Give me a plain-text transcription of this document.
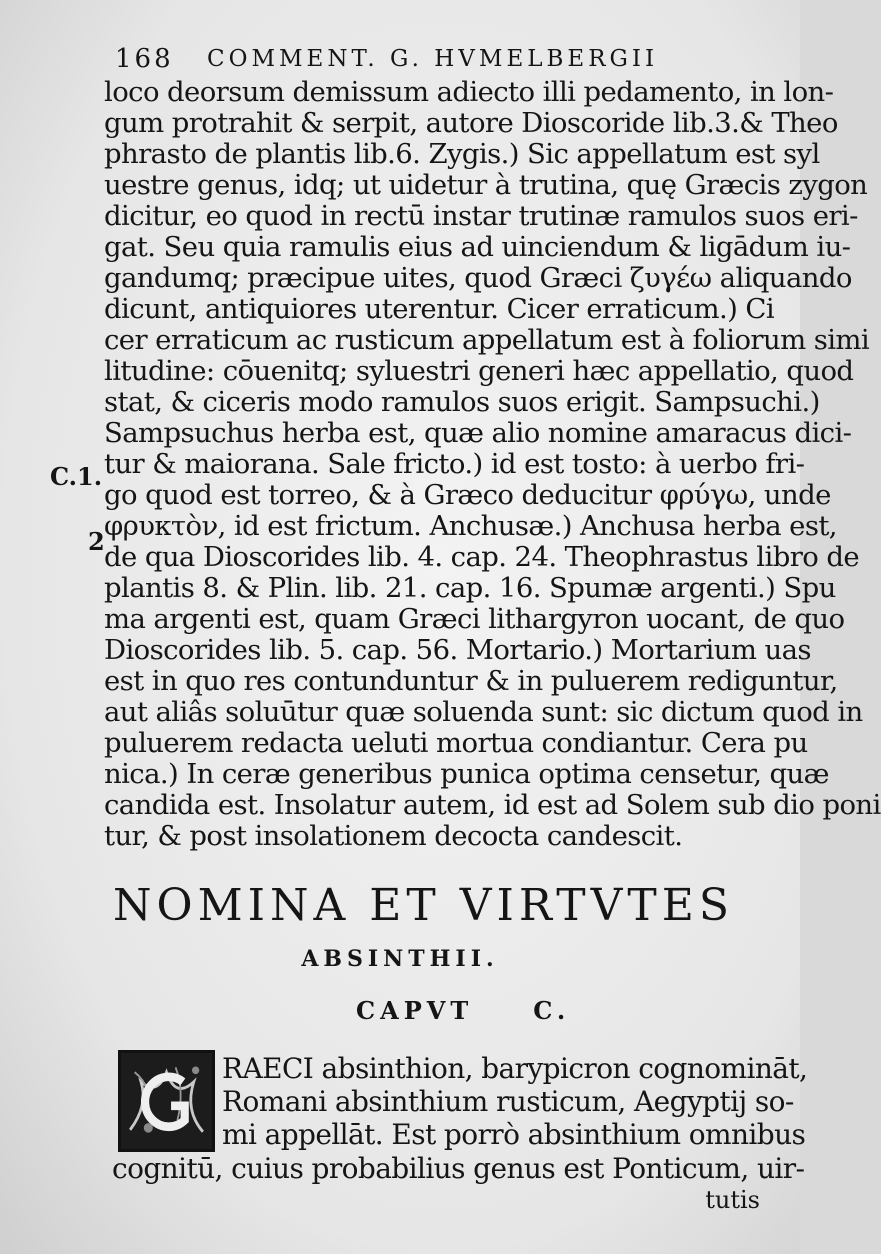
168 COMMENT. G. HVMELBERGII
loco deorsum demissum adiecto illi pedamento, in lon-
gum protrahit & serpit, autore Dioscoride lib.3.& Theo
phrasto de plantis lib.6. Zygis.) Sic appellatum est syl
uestre genus, idq; ut uidetur à trutina, quę Græcis zygon
dicitur, eo quod in rectū instar trutinæ ramulos suos eri-
gat. Seu quia ramulis eius ad uinciendum & ligādum iu-
gandumq; præcipue uites, quod Græci ζυγέω aliquando
dicunt, antiquiores uterentur. Cicer erraticum.) Ci
cer erraticum ac rusticum appellatum est à foliorum simi
litudine: cōuenitq; syluestri generi hæc appellatio, quod
stat, & ciceris modo ramulos suos erigit. Sampsuchi.)
Sampsuchus herba est, quæ alio nomine amaracus dici-
tur & maiorana. Sale fricto.) id est tosto: à uerbo fri-
go quod est torreo, & à Græco deducitur φρύγω, unde
φρυκτὸν, id est frictum. Anchusæ.) Anchusa herba est,
de qua Dioscorides lib. 4. cap. 24. Theophrastus libro de
plantis 8. & Plin. lib. 21. cap. 16. Spumæ argenti.) Spu
ma argenti est, quam Græci lithargyron uocant, de quo
Dioscorides lib. 5. cap. 56. Mortario.) Mortarium uas
est in quo res contunduntur & in puluerem rediguntur,
aut aliâs soluūtur quæ soluenda sunt: sic dictum quod in
puluerem redacta ueluti mortua condiantur. Cera pu
nica.) In ceræ generibus punica optima censetur, quæ
candida est. Insolatur autem, id est ad Solem sub dio poni
tur, & post insolationem decocta candescit.
C.1.
2
NOMINA ET VIRTVTES
ABSINTHII.
CAPVT	C.
RAECI absinthion, barypicron cognomināt,
Romani absinthium rusticum, Aegyptij so-
mi appellāt. Est porrò absinthium omnibus
cognitū, cuius probabilius genus est Ponticum, uir-
tutis
